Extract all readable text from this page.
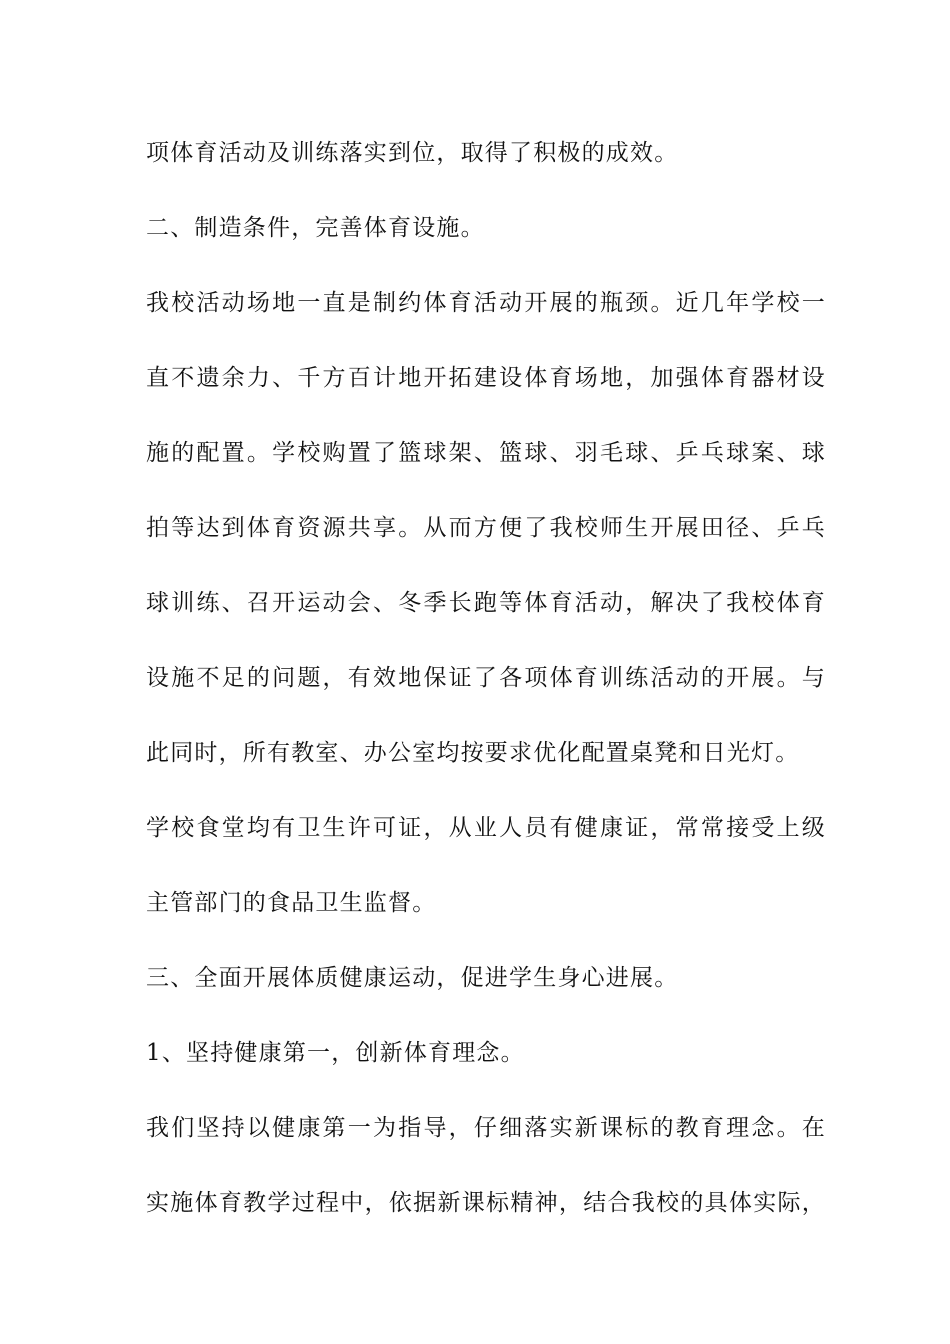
项体育活动及训练落实到位，取得了积极的成效。
二、制造条件，完善体育设施。
我校活动场地一直是制约体育活动开展的瓶颈。近几年学校一
直不遗余力、千方百计地开拓建设体育场地，加强体育器材设
施的配置。学校购置了篮球架、篮球、羽毛球、乒乓球案、球
拍等达到体育资源共享。从而方便了我校师生开展田径、乒乓
球训练、召开运动会、冬季长跑等体育活动，解决了我校体育
设施不足的问题，有效地保证了各项体育训练活动的开展。与
此同时，所有教室、办公室均按要求优化配置桌凳和日光灯。
学校食堂均有卫生许可证，从业人员有健康证，常常接受上级
主管部门的食品卫生监督。
三、全面开展体质健康运动，促进学生身心进展。
1、坚持健康第一，创新体育理念。
我们坚持以健康第一为指导，仔细落实新课标的教育理念。在
实施体育教学过程中，依据新课标精神，结合我校的具体实际，
